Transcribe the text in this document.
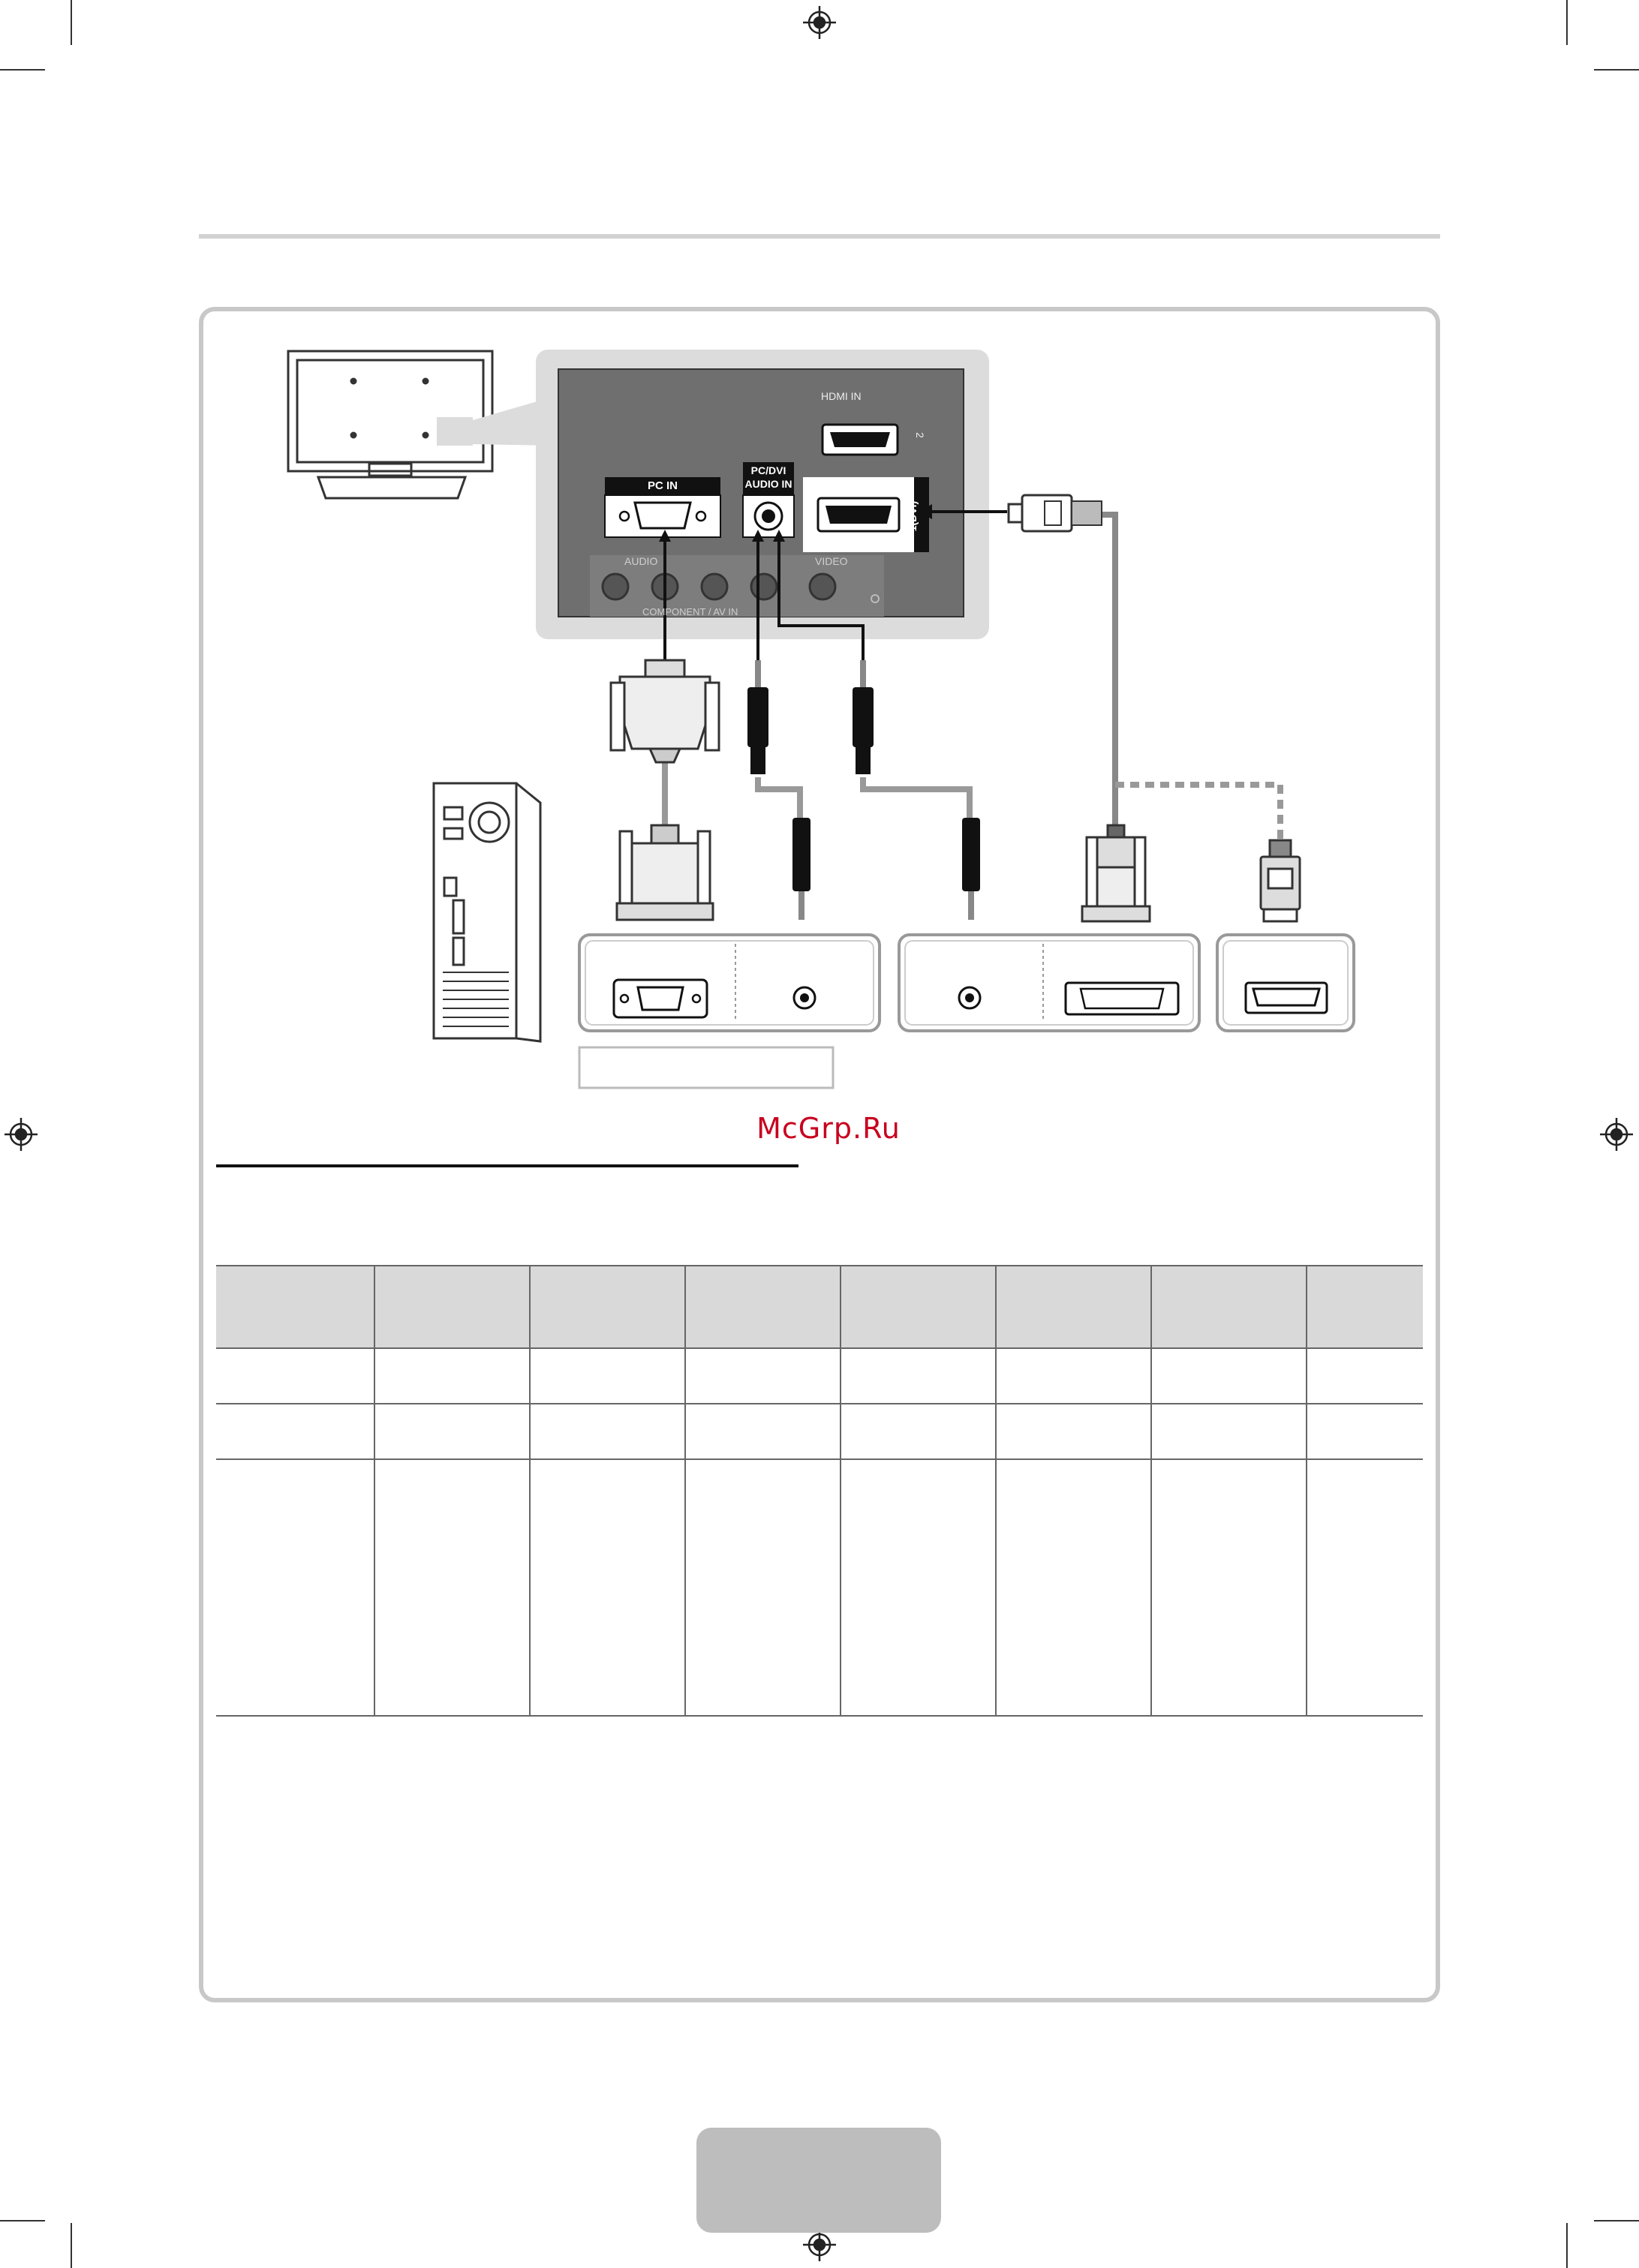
PC IN
PC/DVI AUDIO IN
HDMI IN
2
1(DVI)
AUDIO	VIDEO
COMPONENT / AV IN
McGrp.Ru
